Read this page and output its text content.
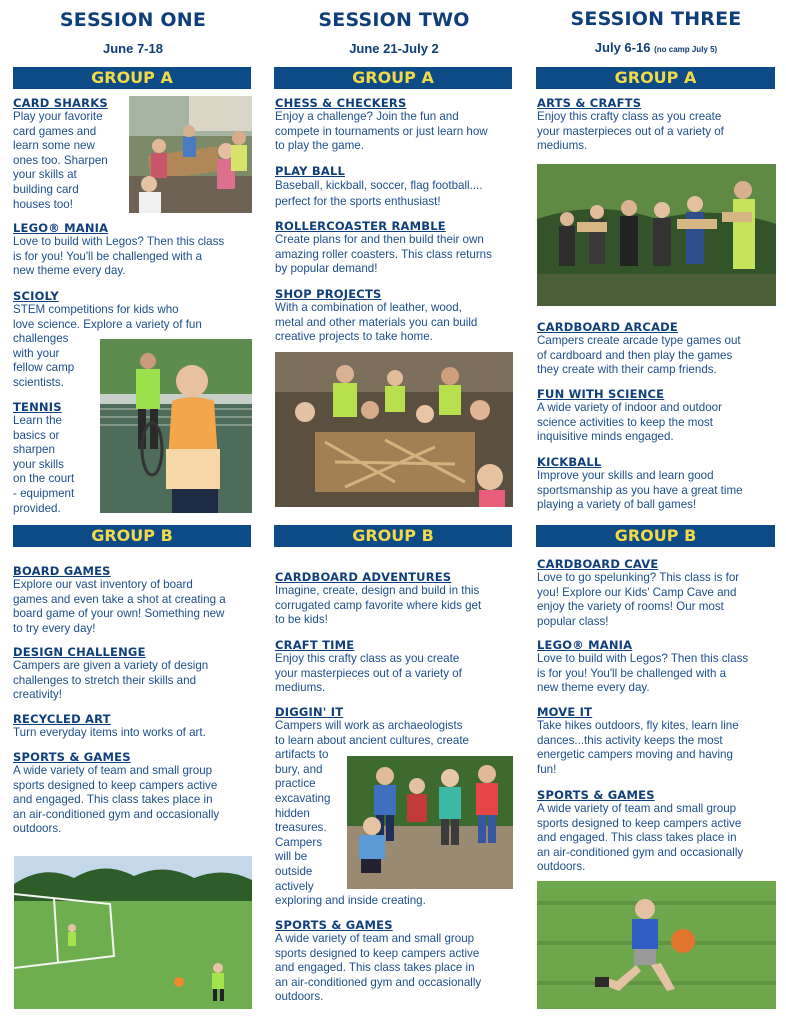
SESSION ONE
June 7-18
SESSION TWO
June 21-July 2
SESSION THREE
July 6-16 (no camp July 5)
GROUP A	GROUP A	GROUP A
GROUP B	GROUP B	GROUP B
CARD SHARKS
Play your favorite
card games and
learn some new
ones too. Sharpen
your skills at
building card
houses too!
LEGO® MANIA
Love to build with Legos? Then this class
is for you! You'll be challenged with a
new theme every day.
SCIOLY
STEM competitions for kids who
love science. Explore a variety of fun
challenges
with your
fellow camp
scientists.
TENNIS
Learn the
basics or
sharpen
your skills
on the court
- equipment
provided.
BOARD GAMES
Explore our vast inventory of board
games and even take a shot at creating a
board game of your own! Something new
to try every day!
DESIGN CHALLENGE
Campers are given a variety of design
challenges to stretch their skills and
creativity!
RECYCLED ART
Turn everyday items into works of art.
SPORTS & GAMES
A wide variety of team and small group
sports designed to keep campers active
and engaged. This class takes place in
an air-conditioned gym and occasionally
outdoors.
CHESS & CHECKERS
Enjoy a challenge? Join the fun and
compete in tournaments or just learn how
to play the game.
PLAY BALL
Baseball, kickball, soccer, flag football....
perfect for the sports enthusiast!
ROLLERCOASTER RAMBLE
Create plans for and then build their own
amazing roller coasters. This class returns
by popular demand!
SHOP PROJECTS
With a combination of leather, wood,
metal and other materials you can build
creative projects to take home.
CARDBOARD ADVENTURES
Imagine, create, design and build in this
corrugated camp favorite where kids get
to be kids!
CRAFT TIME
Enjoy this crafty class as you create
your masterpieces out of a variety of
mediums.
DIGGIN' IT
Campers will work as archaeologists
to learn about ancient cultures, create
artifacts to
bury, and
practice
excavating
hidden
treasures.
Campers
will be
outside
actively
exploring and inside creating.
SPORTS & GAMES
A wide variety of team and small group
sports designed to keep campers active
and engaged. This class takes place in
an air-conditioned gym and occasionally
outdoors.
ARTS & CRAFTS
Enjoy this crafty class as you create
your masterpieces out of a variety of
mediums.
CARDBOARD ARCADE
Campers create arcade type games out
of cardboard and then play the games
they create with their camp friends.
FUN WITH SCIENCE
A wide variety of indoor and outdoor
science activities to keep the most
inquisitive minds engaged.
KICKBALL
Improve your skills and learn good
sportsmanship as you have a great time
playing a variety of ball games!
CARDBOARD CAVE
Love to go spelunking? This class is for
you! Explore our Kids' Camp Cave and
enjoy the variety of rooms! Our most
popular class!
LEGO® MANIA
Love to build with Legos? Then this class
is for you! You'll be challenged with a
new theme every day.
MOVE IT
Take hikes outdoors, fly kites, learn line
dances...this activity keeps the most
energetic campers moving and having
fun!
SPORTS & GAMES
A wide variety of team and small group
sports designed to keep campers active
and engaged. This class takes place in
an air-conditioned gym and occasionally
outdoors.
